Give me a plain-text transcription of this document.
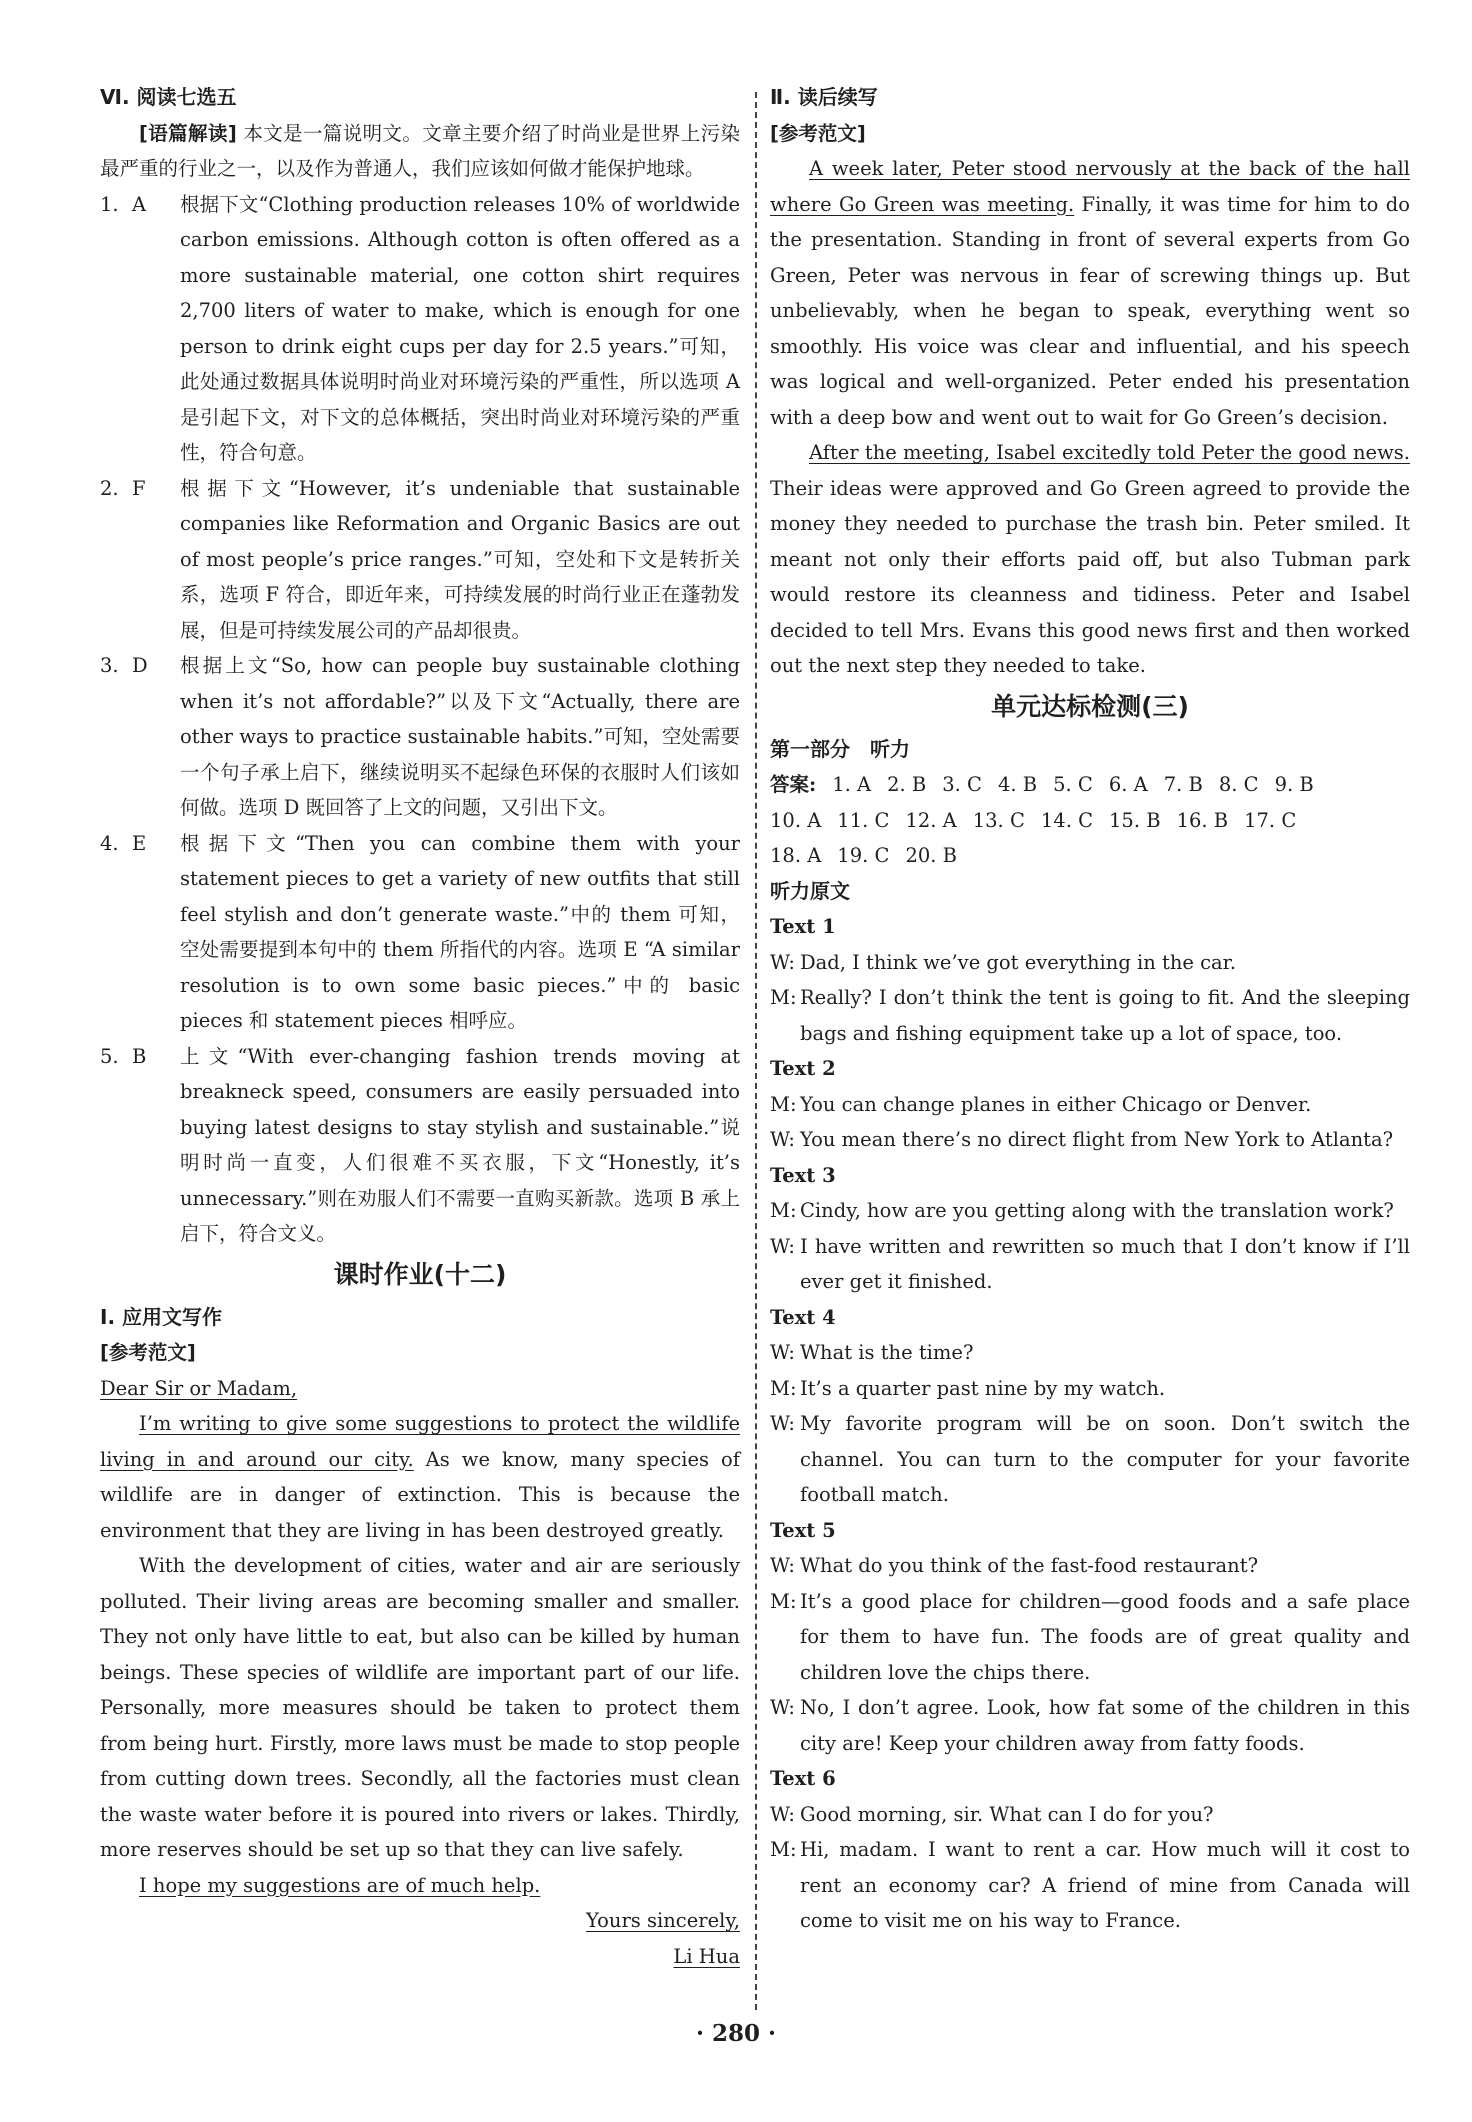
Ⅵ. 阅读七选五
[语篇解读] 本文是一篇说明文。文章主要介绍了时尚业是世界上污染最严重的行业之一，以及作为普通人，我们应该如何做才能保护地球。
1. A	根据下文“Clothing production releases 10% of worldwide carbon emissions. Although cotton is often offered as a more sustainable material, one cotton shirt requires 2,700 liters of water to make, which is enough for one person to drink eight cups per day for 2.5 years.”可知，此处通过数据具体说明时尚业对环境污染的严重性，所以选项 A 是引起下文，对下文的总体概括，突出时尚业对环境污染的严重性，符合句意。
2. F	根据下文“However, it’s undeniable that sustainable companies like Reformation and Organic Basics are out of most people’s price ranges.”可知，空处和下文是转折关系，选项 F 符合，即近年来，可持续发展的时尚行业正在蓬勃发展，但是可持续发展公司的产品却很贵。
3. D	根据上文“So, how can people buy sustainable clothing when it’s not affordable?”以及下文“Actually, there are other ways to practice sustainable habits.”可知，空处需要一个句子承上启下，继续说明买不起绿色环保的衣服时人们该如何做。选项 D 既回答了上文的问题，又引出下文。
4. E	根据下文“Then you can combine them with your statement pieces to get a variety of new outfits that still feel stylish and don’t generate waste.”中的 them 可知，空处需要提到本句中的 them 所指代的内容。选项 E “A similar resolution is to own some basic pieces.”中的 basic pieces 和 statement pieces 相呼应。
5. B	上文“With ever-changing fashion trends moving at breakneck speed, consumers are easily persuaded into buying latest designs to stay stylish and sustainable.”说明时尚一直变，人们很难不买衣服，下文“Honestly, it’s unnecessary.”则在劝服人们不需要一直购买新款。选项 B 承上启下，符合文义。
课时作业(十二)
Ⅰ. 应用文写作
[参考范文]
Dear Sir or Madam,
I’m writing to give some suggestions to protect the wildlife living in and around our city. As we know, many species of wildlife are in danger of extinction. This is because the environment that they are living in has been destroyed greatly.
With the development of cities, water and air are seriously polluted. Their living areas are becoming smaller and smaller. They not only have little to eat, but also can be killed by human beings. These species of wildlife are important part of our life. Personally, more measures should be taken to protect them from being hurt. Firstly, more laws must be made to stop people from cutting down trees. Secondly, all the factories must clean the waste water before it is poured into rivers or lakes. Thirdly, more reserves should be set up so that they can live safely.
I hope my suggestions are of much help.
Yours sincerely,
Li Hua
Ⅱ. 读后续写
[参考范文]
A week later, Peter stood nervously at the back of the hall where Go Green was meeting. Finally, it was time for him to do the presentation. Standing in front of several experts from Go Green, Peter was nervous in fear of screwing things up. But unbelievably, when he began to speak, everything went so smoothly. His voice was clear and influential, and his speech was logical and well-organized. Peter ended his presentation with a deep bow and went out to wait for Go Green’s decision.
After the meeting, Isabel excitedly told Peter the good news. Their ideas were approved and Go Green agreed to provide the money they needed to purchase the trash bin. Peter smiled. It meant not only their efforts paid off, but also Tubman park would restore its cleanness and tidiness. Peter and Isabel decided to tell Mrs. Evans this good news first and then worked out the next step they needed to take.
单元达标检测(三)
第一部分　听力
答案: 1. A 2. B 3. C 4. B 5. C 6. A 7. B 8. C 9. B
10. A 11. C 12. A 13. C 14. C 15. B 16. B 17. C
18. A 19. C 20. B
听力原文
Text 1
W: Dad, I think we’ve got everything in the car.
M: Really? I don’t think the tent is going to fit. And the sleeping bags and fishing equipment take up a lot of space, too.
Text 2
M: You can change planes in either Chicago or Denver.
W: You mean there’s no direct flight from New York to Atlanta?
Text 3
M: Cindy, how are you getting along with the translation work?
W: I have written and rewritten so much that I don’t know if I’ll ever get it finished.
Text 4
W: What is the time?
M: It’s a quarter past nine by my watch.
W: My favorite program will be on soon. Don’t switch the channel. You can turn to the computer for your favorite football match.
Text 5
W: What do you think of the fast-food restaurant?
M: It’s a good place for children—good foods and a safe place for them to have fun. The foods are of great quality and children love the chips there.
W: No, I don’t agree. Look, how fat some of the children in this city are! Keep your children away from fatty foods.
Text 6
W: Good morning, sir. What can I do for you?
M: Hi, madam. I want to rent a car. How much will it cost to rent an economy car? A friend of mine from Canada will come to visit me on his way to France.
· 280 ·
